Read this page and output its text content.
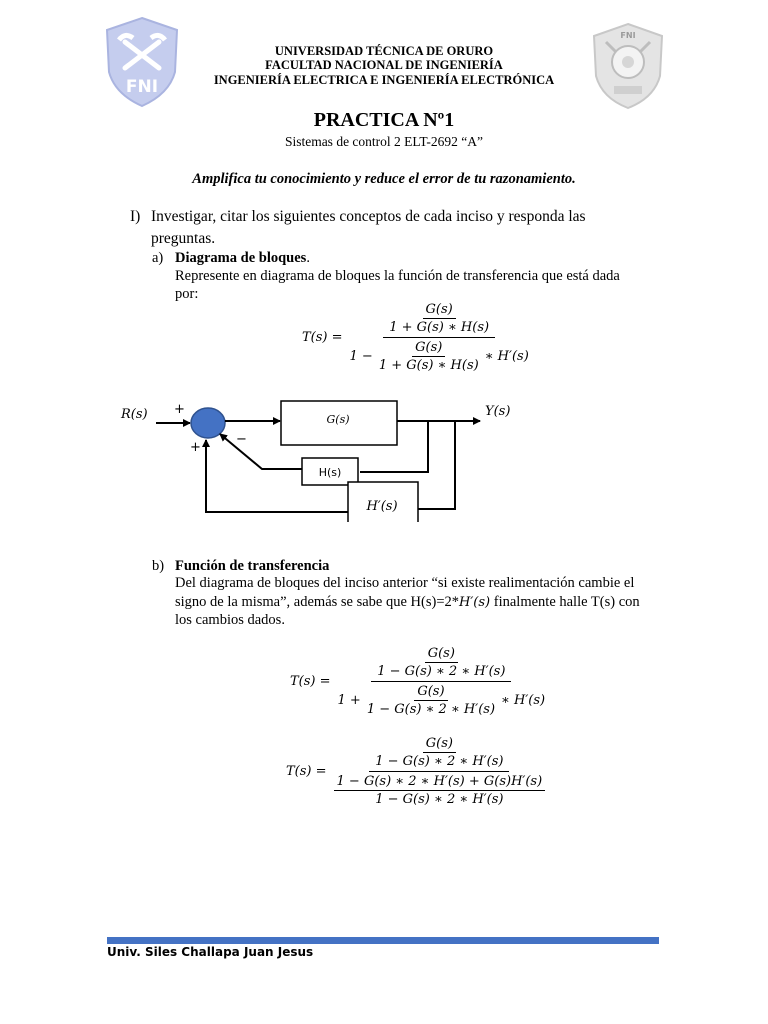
FNI
FNI
UNIVERSIDAD TÉCNICA DE ORURO
FACULTAD NACIONAL DE INGENIERÍA
INGENIERÍA ELECTRICA E INGENIERÍA ELECTRÓNICA
PRACTICA Nº1
Sistemas de control 2 ELT-2692 “A”
Amplifica tu conocimiento y reduce el error de tu razonamiento.
I) Investigar, citar los siguientes conceptos de cada inciso y responda las
preguntas.
a) Diagrama de bloques.
Represente en diagrama de bloques la función de transferencia que está dada
por:
T(s) =
$\frac{G(s)}{1 + G(s) ∗ H(s)}$
$1 - \frac{G(s)}{1 + G(s) ∗ H(s)}$ ∗ H′(s)
R(s)	Y(s)
+
−
+
G(s)
H(s)
H′(s)
b) Función de transferencia
Del diagrama de bloques del inciso anterior “si existe realimentación cambie el
signo de la misma”, además se sabe que H(s)=2*H′(s) finalmente halle T(s) con
los cambios dados.
T(s) =
$\frac{G(s)}{1 - G(s) ∗ 2 ∗ H'(s)}$
$1 + \frac{G(s)}{1 - G(s) ∗ 2 ∗ H'(s)}$ ∗ H′(s)
T(s) =
$\frac{G(s)}{1 - G(s) ∗ 2 ∗ H'(s)}$
$\frac{1 - G(s) ∗ 2 ∗ H'(s) + G(s)H'(s)}{1 - G(s) ∗ 2 ∗ H'(s)}$
Univ. Siles Challapa Juan Jesus
